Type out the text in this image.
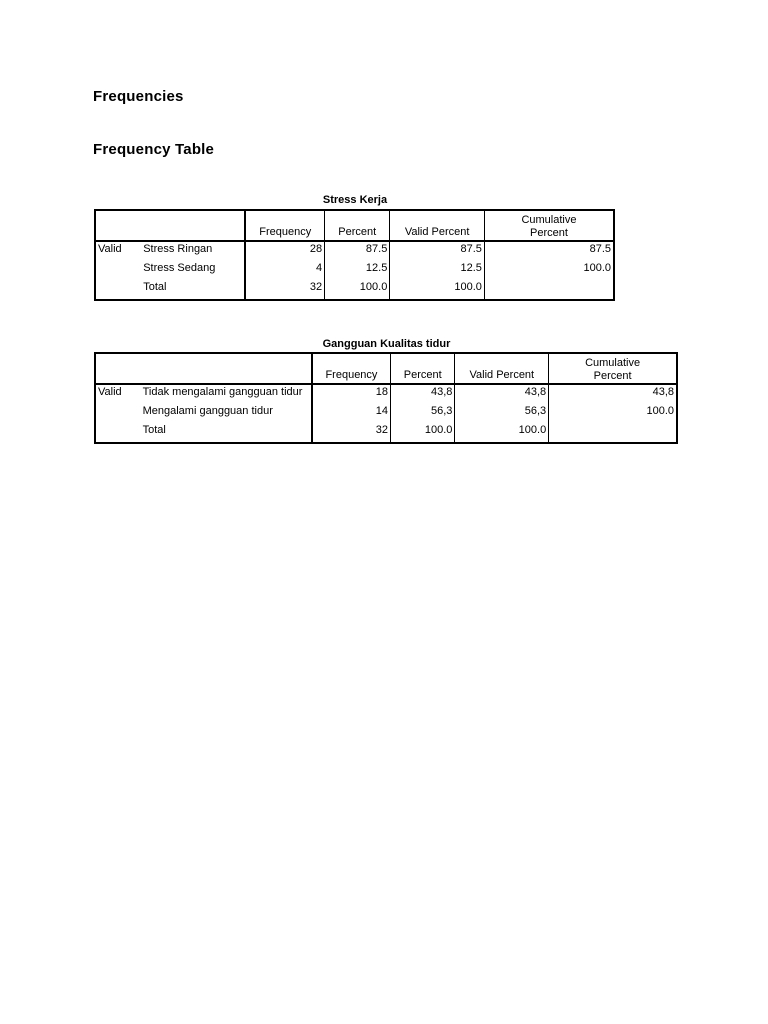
Frequencies
Frequency Table
Stress Kerja
		Frequency	Percent	Valid Percent	Cumulative Percent
Valid	Stress Ringan	28	87.5	87.5	87.5
	Stress Sedang	4	12.5	12.5	100.0
	Total	32	100.0	100.0	
Gangguan Kualitas tidur
		Frequency	Percent	Valid Percent	Cumulative Percent
Valid	Tidak mengalami gangguan tidur	18	43,8	43,8	43,8
	Mengalami gangguan tidur	14	56,3	56,3	100.0
	Total	32	100.0	100.0	
